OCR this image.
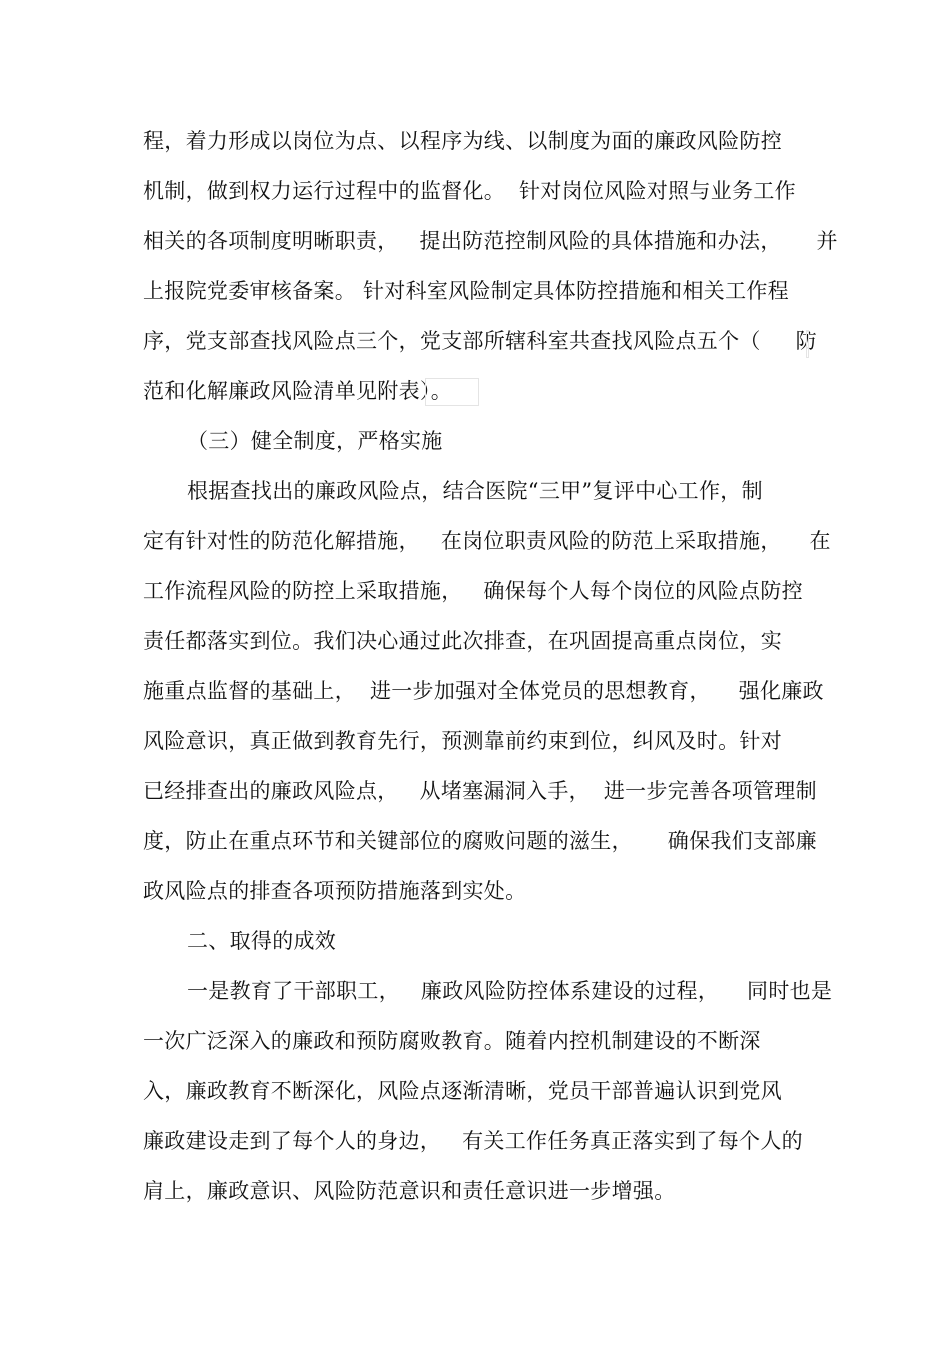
程，着力形成以岗位为点、以程序为线、以制度为面的廉政风险防控
机制，做到权力运行过程中的监督化。  针对岗位风险对照与业务工作
相关的各项制度明晰职责，   提出防范控制风险的具体措施和办法，     并
上报院党委审核备案。 针对科室风险制定具体防控措施和相关工作程
序，党支部查找风险点三个，党支部所辖科室共查找风险点五个（     防
范和化解廉政风险清单见附表）。
（三）健全制度，严格实施
根据查找出的廉政风险点，结合医院“三甲”复评中心工作，制
定有针对性的防范化解措施，   在岗位职责风险的防范上采取措施，    在
工作流程风险的防控上采取措施，   确保每个人每个岗位的风险点防控
责任都落实到位。我们决心通过此次排查，在巩固提高重点岗位，实
施重点监督的基础上，  进一步加强对全体党员的思想教育，    强化廉政
风险意识，真正做到教育先行，预测靠前约束到位，纠风及时。针对
已经排查出的廉政风险点，   从堵塞漏洞入手，  进一步完善各项管理制
度，防止在重点环节和关键部位的腐败问题的滋生，     确保我们支部廉
政风险点的排查各项预防措施落到实处。
二、取得的成效
一是教育了干部职工，   廉政风险防控体系建设的过程，    同时也是
一次广泛深入的廉政和预防腐败教育。随着内控机制建设的不断深
入，廉政教育不断深化，风险点逐渐清晰，党员干部普遍认识到党风
廉政建设走到了每个人的身边，   有关工作任务真正落实到了每个人的
肩上，廉政意识、风险防范意识和责任意识进一步增强。
